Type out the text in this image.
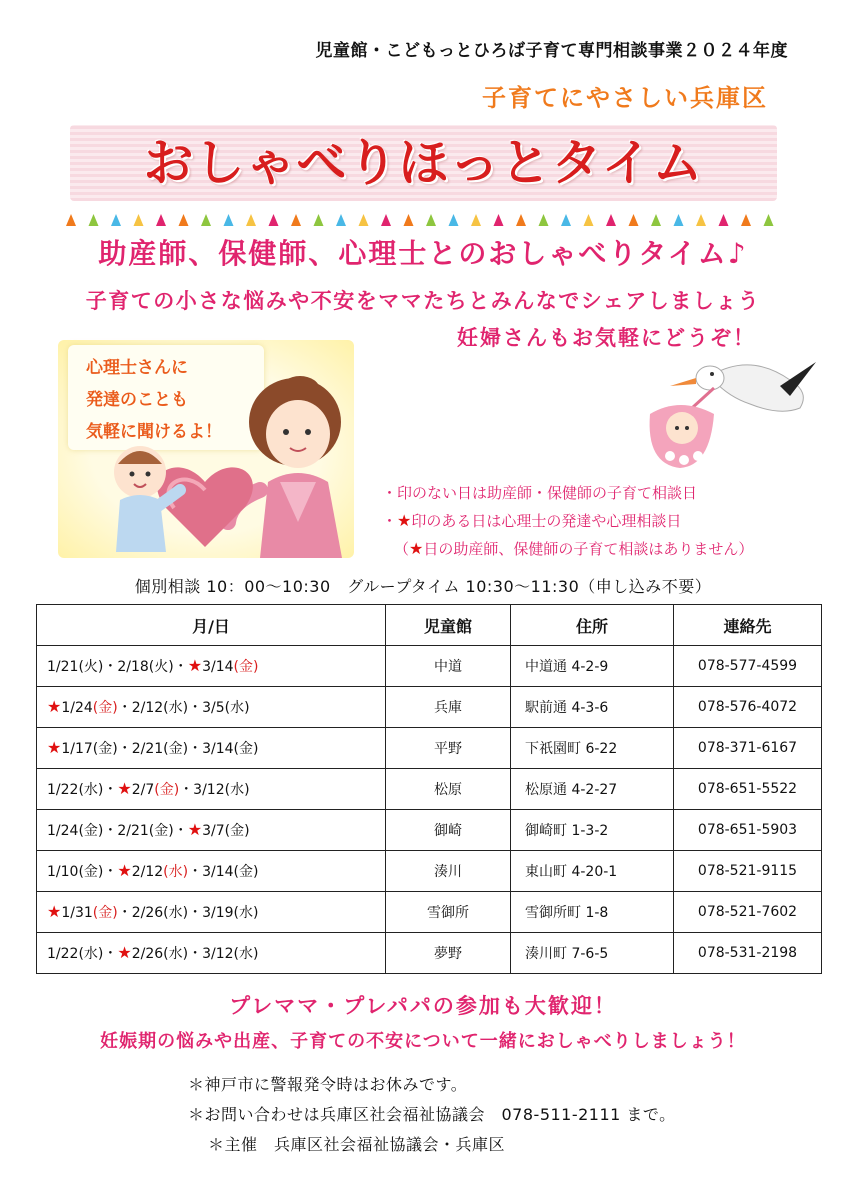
児童館・こどもっとひろば子育て専門相談事業２０２４年度
子育てにやさしい兵庫区
おしゃべりほっとタイム
助産師、保健師、心理士とのおしゃべりタイム♪
子育ての小さな悩みや不安をママたちとみんなでシェアしましょう
妊婦さんもお気軽にどうぞ！
心理士さんに
発達のことも
気軽に聞けるよ！
・印のない日は助産師・保健師の子育て相談日
・★印のある日は心理士の発達や心理相談日
（★日の助産師、保健師の子育て相談はありません）
個別相談 10：00〜10:30　グループタイム 10:30〜11:30（申し込み不要）
月/日	児童館	住所	連絡先
1/21(火)・2/18(火)・★3/14(金)	中道	中道通 4-2-9	078-577-4599
★1/24(金)・2/12(水)・3/5(水)	兵庫	駅前通 4-3-6	078-576-4072
★1/17(金)・2/21(金)・3/14(金)	平野	下祇園町 6-22	078-371-6167
1/22(水)・★2/7(金)・3/12(水)	松原	松原通 4-2-27	078-651-5522
1/24(金)・2/21(金)・★3/7(金)	御崎	御崎町 1-3-2	078-651-5903
1/10(金)・★2/12(水)・3/14(金)	湊川	東山町 4-20-1	078-521-9115
★1/31(金)・2/26(水)・3/19(水)	雪御所	雪御所町 1-8	078-521-7602
1/22(水)・★2/26(水)・3/12(水)	夢野	湊川町 7-6-5	078-531-2198
プレママ・プレパパの参加も大歓迎！
妊娠期の悩みや出産、子育ての不安について一緒におしゃべりしましょう！
＊神戸市に警報発令時はお休みです。
＊お問い合わせは兵庫区社会福祉協議会　078-511-2111 まで。
＊主催　兵庫区社会福祉協議会・兵庫区
